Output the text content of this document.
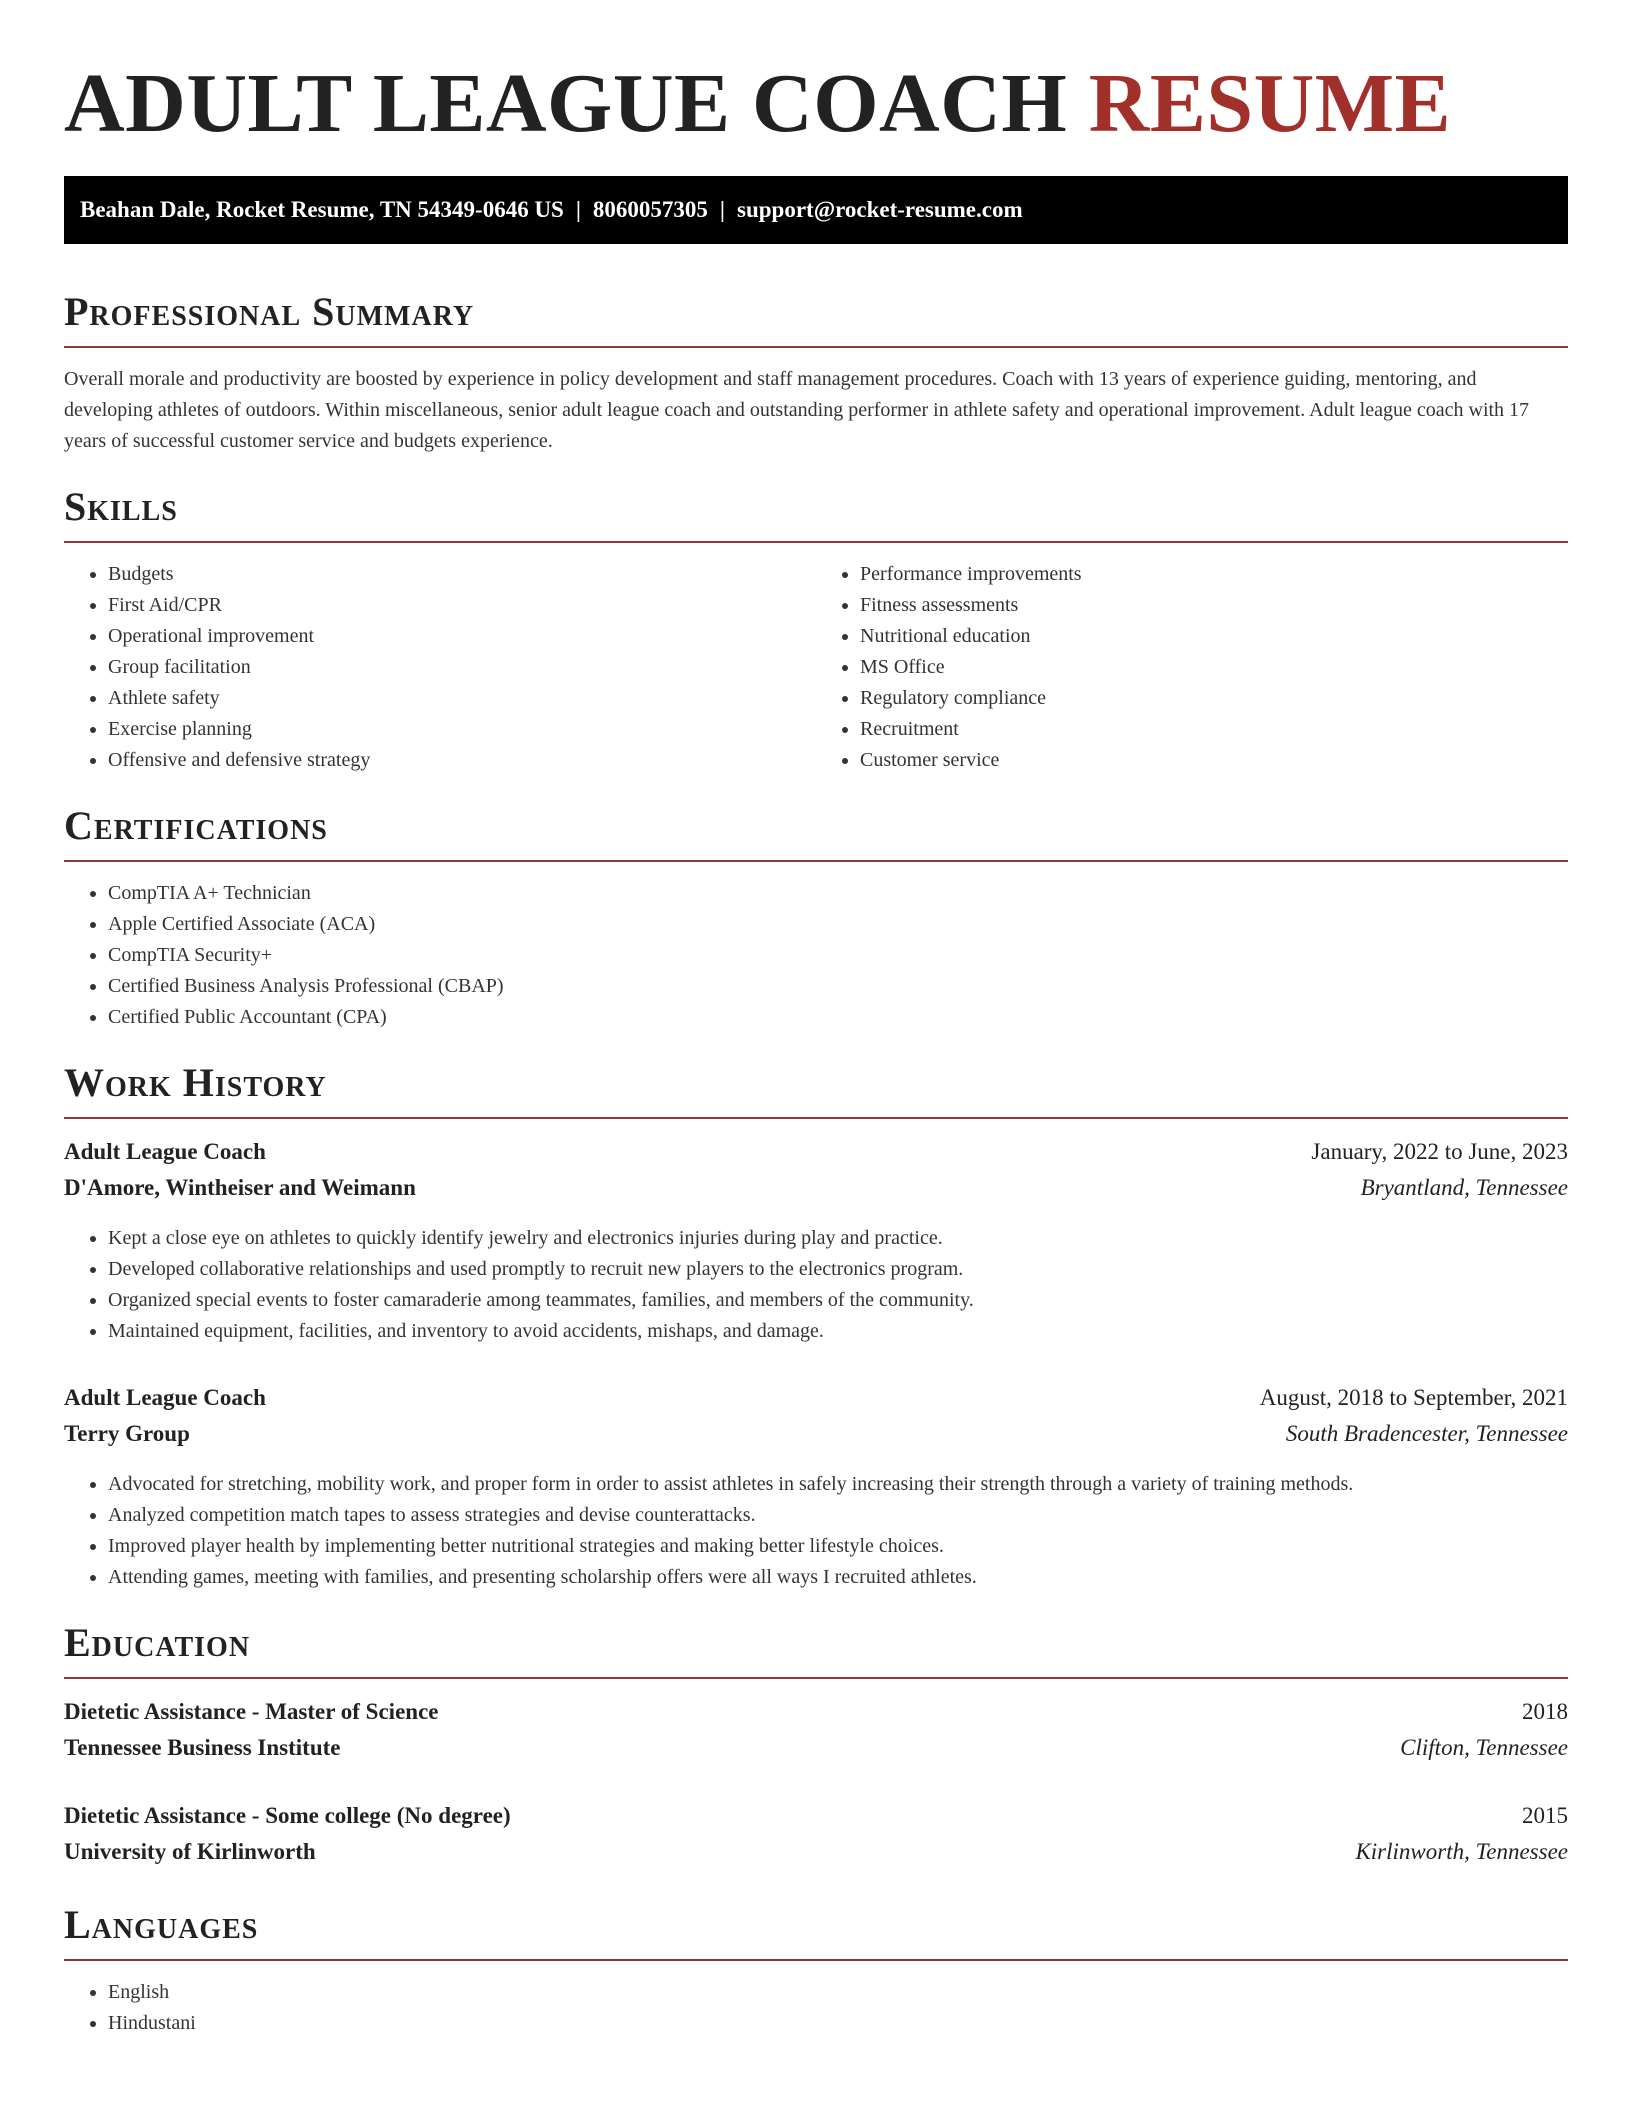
ADULT LEAGUE COACH RESUME
Beahan Dale, Rocket Resume, TN 54349-0646 US | 8060057305 | support@rocket-resume.com
Professional Summary

Overall morale and productivity are boosted by experience in policy development and staff management procedures. Coach with 13 years of experience guiding, mentoring, and developing athletes of outdoors. Within miscellaneous, senior adult league coach and outstanding performer in athlete safety and operational improvement. Adult league coach with 17 years of successful customer service and budgets experience.

Skills
• Budgets
• First Aid/CPR
• Operational improvement
• Group facilitation
• Athlete safety
• Exercise planning
• Offensive and defensive strategy
• Performance improvements
• Fitness assessments
• Nutritional education
• MS Office
• Regulatory compliance
• Recruitment
• Customer service
Certifications
• CompTIA A+ Technician
• Apple Certified Associate (ACA)
• CompTIA Security+
• Certified Business Analysis Professional (CBAP)
• Certified Public Accountant (CPA)
Work History
Adult League Coach	January, 2022 to June, 2023
D'Amore, Wintheiser and Weimann	Bryantland, Tennessee
• Kept a close eye on athletes to quickly identify jewelry and electronics injuries during play and practice.
• Developed collaborative relationships and used promptly to recruit new players to the electronics program.
• Organized special events to foster camaraderie among teammates, families, and members of the community.
• Maintained equipment, facilities, and inventory to avoid accidents, mishaps, and damage.
Adult League Coach	August, 2018 to September, 2021
Terry Group	South Bradencester, Tennessee
• Advocated for stretching, mobility work, and proper form in order to assist athletes in safely increasing their strength through a variety of training methods.
• Analyzed competition match tapes to assess strategies and devise counterattacks.
• Improved player health by implementing better nutritional strategies and making better lifestyle choices.
• Attending games, meeting with families, and presenting scholarship offers were all ways I recruited athletes.
Education
Dietetic Assistance - Master of Science	2018
Tennessee Business Institute	Clifton, Tennessee
Dietetic Assistance - Some college (No degree)	2015
University of Kirlinworth	Kirlinworth, Tennessee
Languages
• English
• Hindustani
